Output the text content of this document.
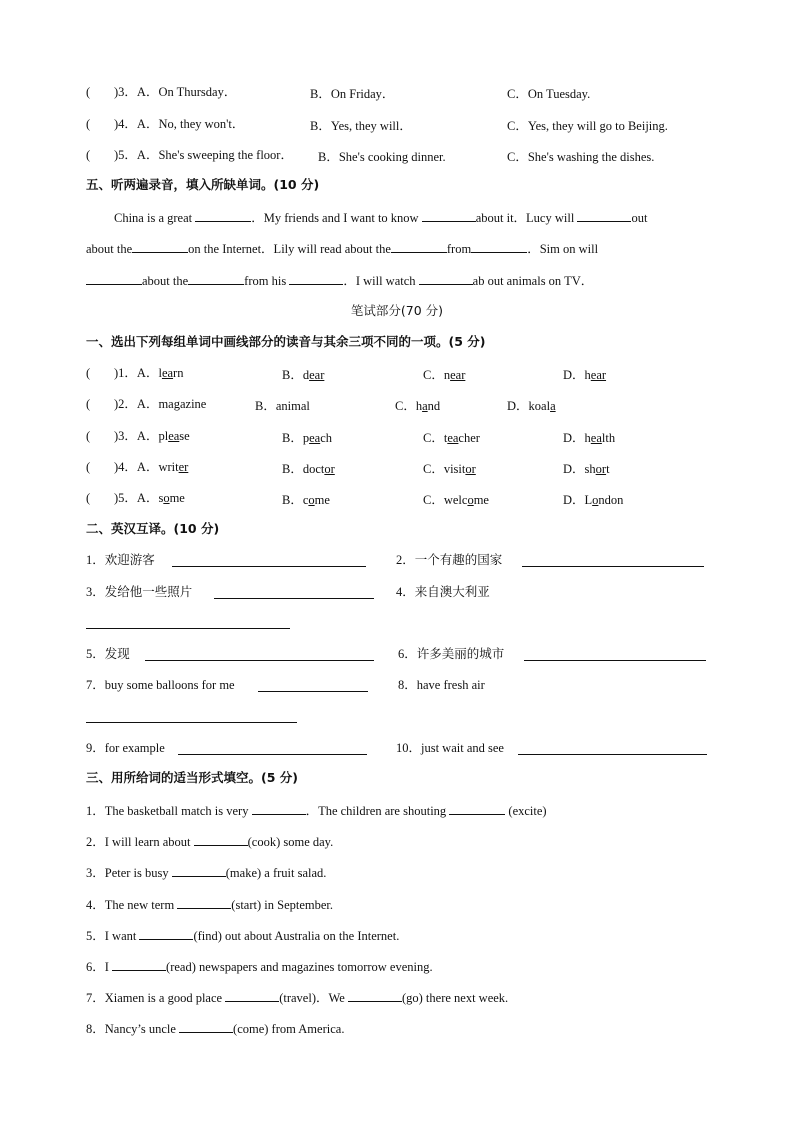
( )3．A．On Thursday．	B．On Friday．	C．On Tuesday.
( )4．A．No, they won't．	B．Yes, they will．	C．Yes, they will go to Beijing.
( )5．A．She's sweeping the floor． B．She's cooking dinner.	C．She's washing the dishes.
五、听两遍录音，填入所缺单词。(10 分)
China is a great	．My friends and I want to know	about it．Lucy will	out
about the	on the Internet．Lily will read about the	from	．Sim on will
about the	from his	．I will watch	ab out animals on TV．
笔试部分(70 分)
一、选出下列每组单词中画线部分的读音与其余三项不同的一项。(5 分)
( )1．A．learn	B．dear	C．near	D．hear
( )2．A．magazine	B．animal	C．hand	D．koala
( )3．A．please	B．peach	C．teacher	D．health
( )4．A．writer	B．doctor	C．visitor	D．short
( )5．A．some	B．come	C．welcome	D．London
二、英汉互译。(10 分)
1．欢迎游客	2．一个有趣的国家
3．发给他一些照片	4．来自澳大利亚
5．发现	6．许多美丽的城市
7．buy some balloons for me	8．have fresh air
9．for example	10．just wait and see
三、用所给词的适当形式填空。(5 分)
1．The basketball match is very	．The children are shouting	(excite)
2．I will learn about	(cook) some day.
3．Peter is busy	(make) a fruit salad.
4．The new term	(start) in September.
5．I want	(find) out about Australia on the Internet.
6．I	(read) newspapers and magazines tomorrow evening.
7．Xiamen is a good place	(travel)．We	(go) there next week.
8．Nancy’s uncle	(come) from America.
